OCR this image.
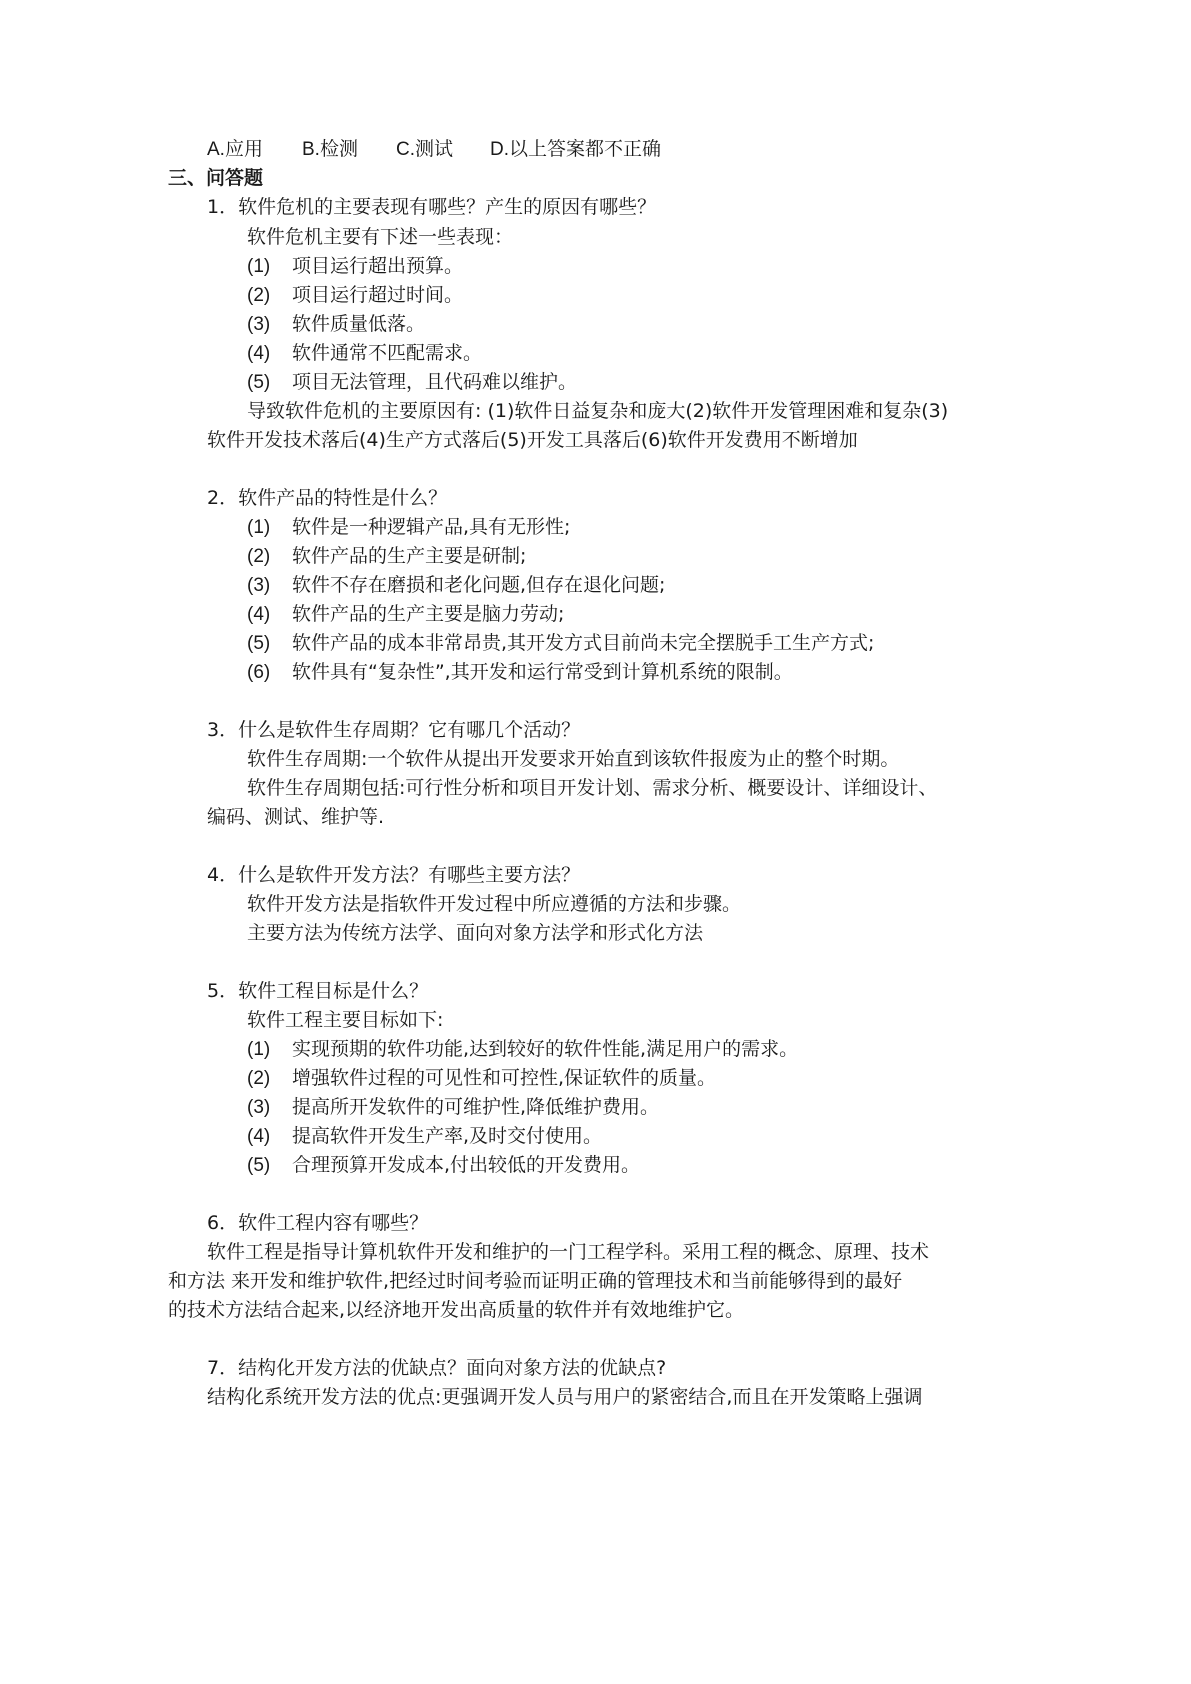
A.应用 B.检测 C.测试 D.以上答案都不正确
三、问答题
1．软件危机的主要表现有哪些？产生的原因有哪些？
软件危机主要有下述一些表现：
(1) 项目运行超出预算。
(2) 项目运行超过时间。
(3) 软件质量低落。
(4) 软件通常不匹配需求。
(5) 项目无法管理，且代码难以维护。
导致软件危机的主要原因有: (1)软件日益复杂和庞大(2)软件开发管理困难和复杂(3)
软件开发技术落后(4)生产方式落后(5)开发工具落后(6)软件开发费用不断增加
2．软件产品的特性是什么？
(1) 软件是一种逻辑产品,具有无形性;
(2) 软件产品的生产主要是研制;
(3) 软件不存在磨损和老化问题,但存在退化问题;
(4) 软件产品的生产主要是脑力劳动;
(5) 软件产品的成本非常昂贵,其开发方式目前尚未完全摆脱手工生产方式;
(6) 软件具有“复杂性”,其开发和运行常受到计算机系统的限制。
3．什么是软件生存周期？它有哪几个活动？
软件生存周期:一个软件从提出开发要求开始直到该软件报废为止的整个时期。
软件生存周期包括:可行性分析和项目开发计划、需求分析、概要设计、详细设计、
编码、测试、维护等.
4．什么是软件开发方法？有哪些主要方法？
软件开发方法是指软件开发过程中所应遵循的方法和步骤。
主要方法为传统方法学、面向对象方法学和形式化方法
5．软件工程目标是什么？
软件工程主要目标如下:
(1) 实现预期的软件功能,达到较好的软件性能,满足用户的需求。
(2) 增强软件过程的可见性和可控性,保证软件的质量。
(3) 提高所开发软件的可维护性,降低维护费用。
(4) 提高软件开发生产率,及时交付使用。
(5) 合理预算开发成本,付出较低的开发费用。
6．软件工程内容有哪些？
软件工程是指导计算机软件开发和维护的一门工程学科。采用工程的概念、原理、技术
和方法 来开发和维护软件,把经过时间考验而证明正确的管理技术和当前能够得到的最好
的技术方法结合起来,以经济地开发出高质量的软件并有效地维护它。
7．结构化开发方法的优缺点？面向对象方法的优缺点?
结构化系统开发方法的优点:更强调开发人员与用户的紧密结合,而且在开发策略上强调
